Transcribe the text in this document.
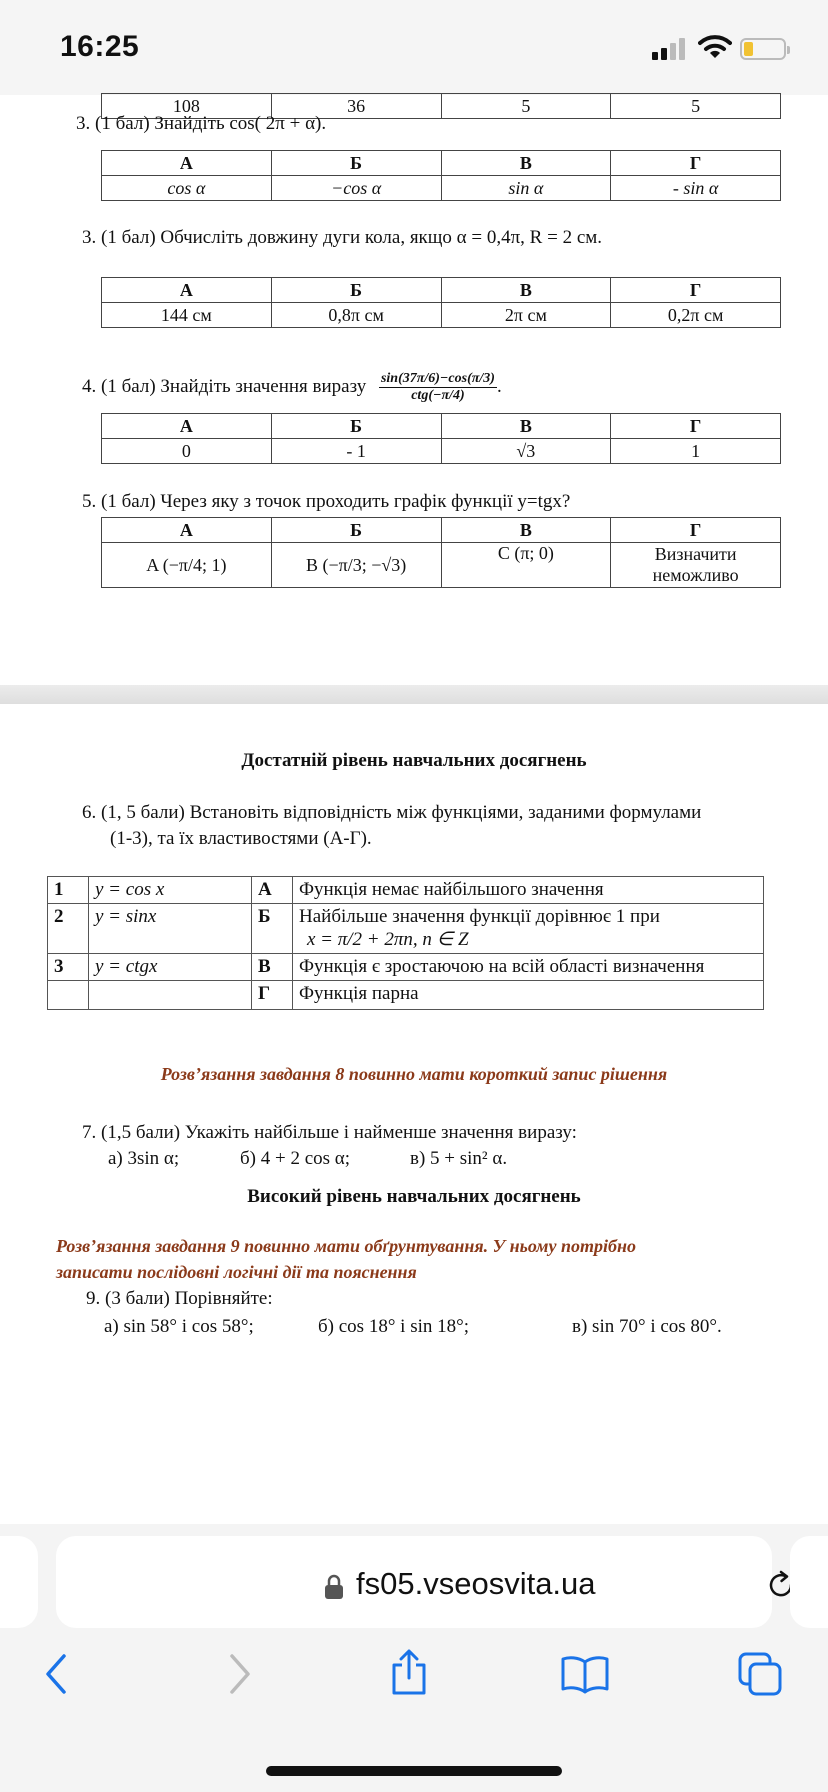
16:25
108	36	5	5
3. (1 бал) Знайдіть cos( 2π + α).
А	Б	В	Г
cos α	−cos α	sin α	- sin α
3. (1 бал) Обчисліть довжину дуги кола, якщо α = 0,4π, R = 2 см.
А	Б	В	Г
144 см	0,8π см	2π см	0,2π см
4. (1 бал) Знайдіть значення виразу $\frac{\sin(37\pi/6)-\cos(\pi/3)}{\text{ctg(−π/4)}}$ .
А	Б	В	Г
0	- 1	√3	1
5. (1 бал) Через яку з точок проходить графік функції y=tgx?
А	Б	В	Г
A (−π/4; 1)	B (−π/3; −√3)	C (π; 0)	Визначити неможливо
Достатній рівень навчальних досягнень
6. (1, 5 бали) Встановіть відповідність між функціями, заданими формулами
(1-3), та їх властивостями (А-Г).
1	y = cos x	А	Функція немає найбільшого значення
2	y = sinx	Б	Найбільше значення функції дорівнює 1 при
x = π/2 + 2πn, n ∈ Z

3	y = ctgx	В	Функція є зростаючою на всій області визначення
		Г	Функція парна
Розв’язання завдання 8 повинно мати короткий запис рішення
7. (1,5 бали) Укажіть найбільше і найменше значення виразу:
а) 3sin α;	б) 4 + 2 cos α;	в) 5 + sin² α.
Високий рівень навчальних досягнень
Розв’язання завдання 9 повинно мати обґрунтування. У ньому потрібно
записати послідовні логічні дії та пояснення
9. (3 бали) Порівняйте:
а) sin 58° і cos 58°;	б) cos 18° і sin 18°;	в) sin 70° і cos 80°.
fs05.vseosvita.ua
